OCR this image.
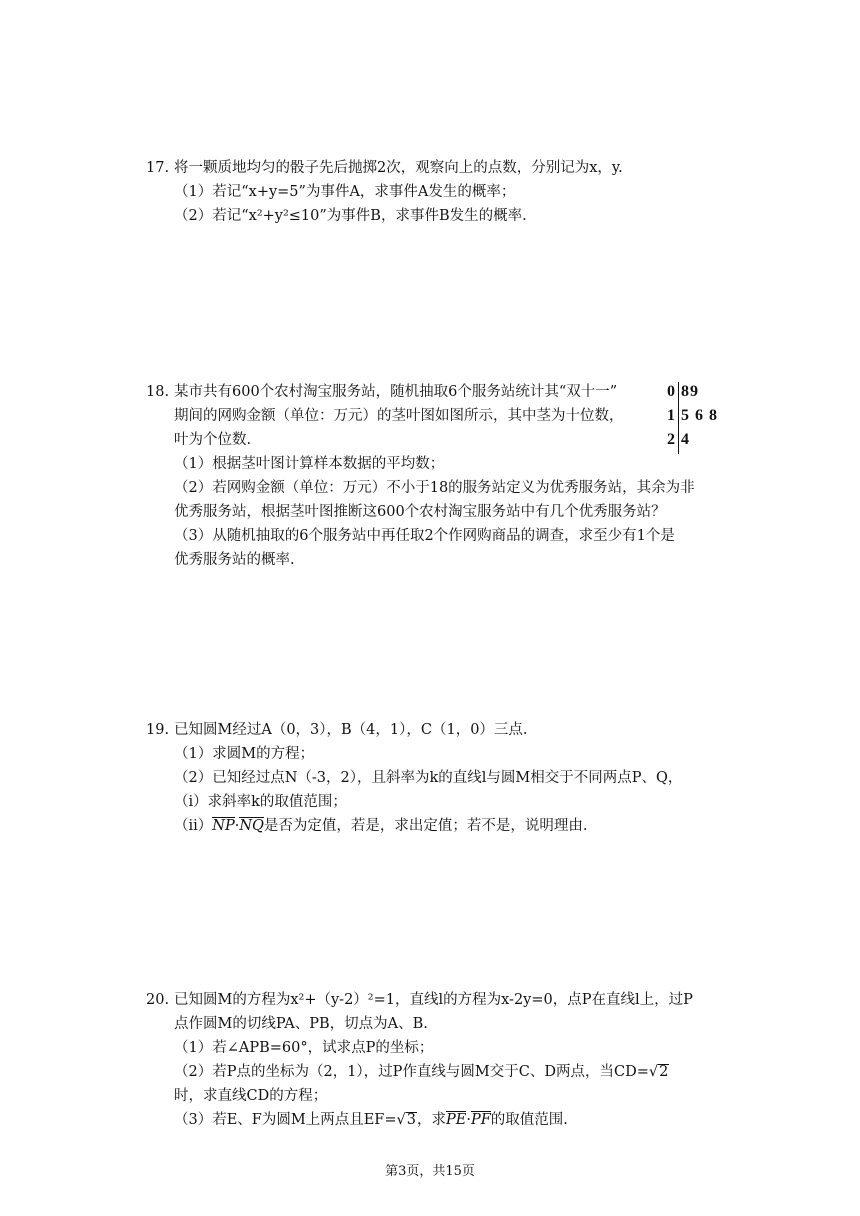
17. 将一颗质地均匀的骰子先后抛掷2次，观察向上的点数，分别记为x，y.
（1）若记“x+y=5”为事件A，求事件A发生的概率；
（2）若记“x²+y²≤10”为事件B，求事件B发生的概率.
18. 某市共有600个农村淘宝服务站，随机抽取6个服务站统计其“双十一”
期间的网购金额（单位：万元）的茎叶图如图所示，其中茎为十位数，
叶为个位数.
（1）根据茎叶图计算样本数据的平均数；
（2）若网购金额（单位：万元）不小于18的服务站定义为优秀服务站，其余为非
优秀服务站，根据茎叶图推断这600个农村淘宝服务站中有几个优秀服务站？
（3）从随机抽取的6个服务站中再任取2个作网购商品的调查，求至少有1个是
优秀服务站的概率.
0 89
1 5 6 8
2 4
19. 已知圆M经过A（0，3），B（4，1），C（1，0）三点.
（1）求圆M的方程；
（2）已知经过点N（-3，2），且斜率为k的直线l与圆M相交于不同两点P、Q，
（ⅰ）求斜率k的取值范围；
（ⅱ）NP·NQ是否为定值，若是，求出定值；若不是，说明理由.
20. 已知圆M的方程为x²+（y-2）²=1，直线l的方程为x-2y=0，点P在直线l上，过P
点作圆M的切线PA、PB，切点为A、B.
（1）若∠APB=60°，试求点P的坐标；
（2）若P点的坐标为（2，1），过P作直线与圆M交于C、D两点，当CD=√2
时，求直线CD的方程；
（3）若E、F为圆M上两点且EF=√3，求PE·PF的取值范围.
第3页，共15页
